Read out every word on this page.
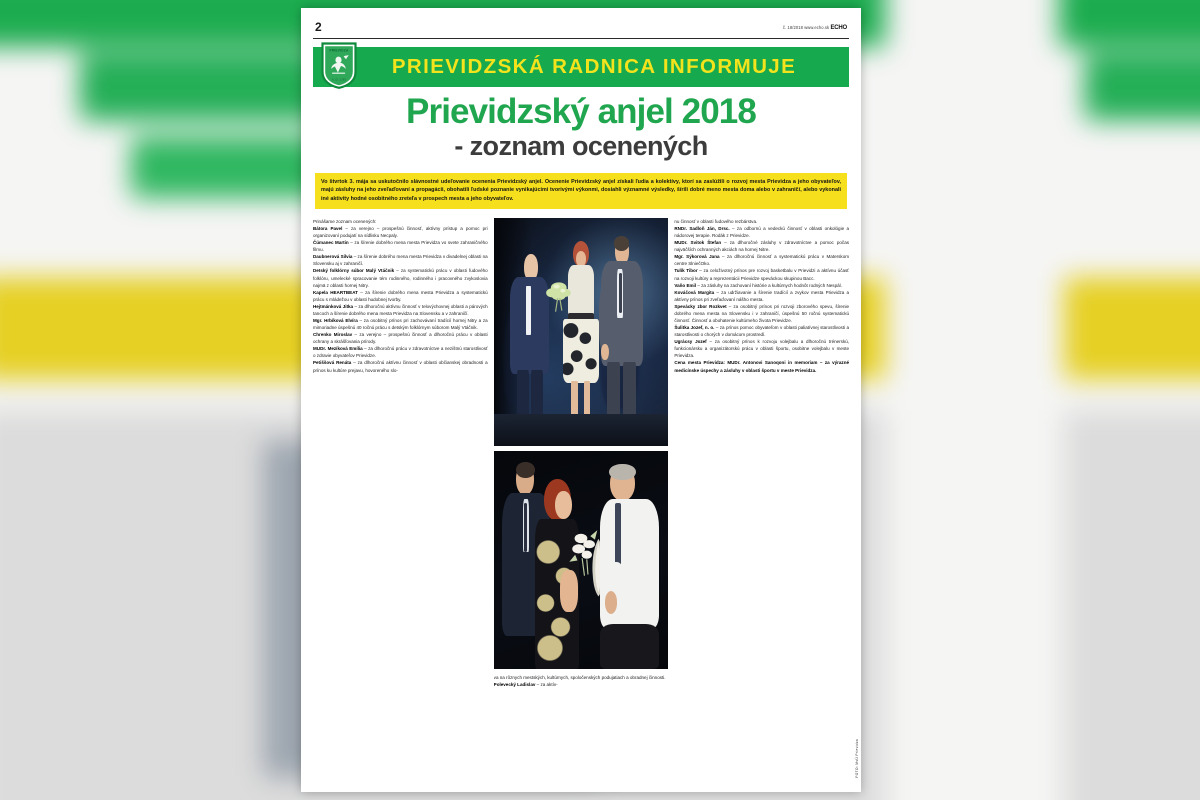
2	č. 18/2018 www.echo.sk ECHO
PRIEVIDZA
A. D. 1383
PRIEVIDZSKÁ RADNICA INFORMUJE
Prievidzský anjel 2018
- zoznam ocenených
Vo štvrtok 3. mája sa uskutočnilo slávnostné udeľovanie ocenenia Prievidzský anjel. Ocenenie Prievidzský anjel získali ľudia a kolektívy, ktorí sa zaslúžili o rozvoj mesta Prievidza a jeho obyvateľov, majú zásluhy na jeho zveľaďovaní a propagácii, obohatili ľudské poznanie vynikajúcimi tvorivými výkonmi, dosiahli významné výsledky, šírili dobré meno mesta doma alebo v zahraničí, alebo vykonali iné aktivity hodné osobitného zreteľa v prospech mesta a jeho obyvateľov.

Prinášame zoznam ocenených:

Bátora Pavel – za verejno – prospešnú činnosť, aktívny prístup a pomoc pri organizovaní podujatí na sídlisku Necpaly.

Čúmanec Martin – za šírenie dobrého mena mesta Prievidza vo svete zahraničného filmu.

Daubnerová Silvia – za šírenie dobrého mena mesta Prievidza v divadelnej oblasti na Slovensku aj v zahraničí.

Detský folklórny súbor Malý Vtáčnik – za systematickú prácu v oblasti ľudového folklóru, umelecké spracovanie tém rodinného, rodinného i pracovného zvykoslovia najmä z oblasti hornej Nitry.

Kapela HEARTBEAT – za šírenie dobrého mena mesta Prievidza a systematickú prácu s mládežou v oblasti hudobnej tvorby.

Hejtmánková Jitka – za dlhoročnú aktívnu činnosť v telovýchovnej oblasti a párových tancoch a šírenie dobrého mena mesta Prievidza na Slovensku a v zahraničí.

Mgr. Hrbíková Elvíra – za osobitný prínos pri zachovávaní tradícií hornej Nitry a za mimoriadne úspešnú 40 ročnú prácu s detským folklórnym súborom Malý Vtáčnik.

Chrenko Miroslav – za verejno – prospešnú činnosť a dlhoročnú prácu v oblasti ochrany a skrášľovania prírody.

MUDr. Mezíková Emília – za dlhoročnú prácu v zdravotníctve a nezištnú starostlivosť o zdravie obyvateľov Prievidze.

Petiššová Renáta – za dlhoročnú aktívnu činnosť v oblasti občianskej obradnosti a prínos ku kultúre prejavu, hovoreného slo-

va na rôznych mestských, kultúrnych, spoločenských podujatiach a obradnej činnosti.

Polevecký Ladislav – za aktív-

nu činnosť v oblasti ľudového rezbárstva.

RNDr. Sadloň Ján, Drsc. – za odbornú a vedeckú činnosť v oblasti onkológie a nádorovej terapie. Rodák z Prievidze.

MUDr. Svitok Štefan – za dlhoročné zásluhy v zdravotníctve a pomoc počas najväčších ochranných akciách na hornej Nitre.

Mgr. Sýkorová Jana – za dlhoročnú činnosť a systematickú prácu v Materskom centre SlniečOko.

Tulík Tibor – za celoživotný prínos pre rozvoj basketbalu v Prievidzi a aktívnu účasť na rozvoji kultúry a reprezentácii Prievidze speváckou skupinou Bacc.

Vaňo Emil – za zásluhy na zachovaní histórie a kultúrnych hodnôt rodných Nespál.

Kováčová Margita – za udržiavanie a šírenie tradícií a zvykov mesta Prievidza a aktívny prínos pri zveľaďovaní nášho mesta.

Spevácky zbor Rozkvet – za osobitný prínos pri rozvoji zborového spevu, šírenie dobrého mena mesta na Slovensku i v zahraničí, úspešnú 50 ročnú systematickú činnosť. Činnosť a obohatenie kultúrneho života Prievidze.

Šulitka Jozef, n. o. – za prínos pomoc obyvateľom v oblasti paliatívnej starostlivosti a starostlivosti o chorých v domácom prostredí.

Ugrácsy Jozef – za osobitný prínos k rozvoju volejbalu a dlhoročnú trénerskú, funkcionársku a organizátorskú prácu v oblasti športu, osobitne volejbalu v meste Prievidza.

Cena mesta Prievidza: MUDr. Antonovi Sanoqoni in memoriam – za výrazné medicínske úspechy a zásluhy v oblasti športu v meste Prievidza.

FOTO: MsÚ Prievidza
